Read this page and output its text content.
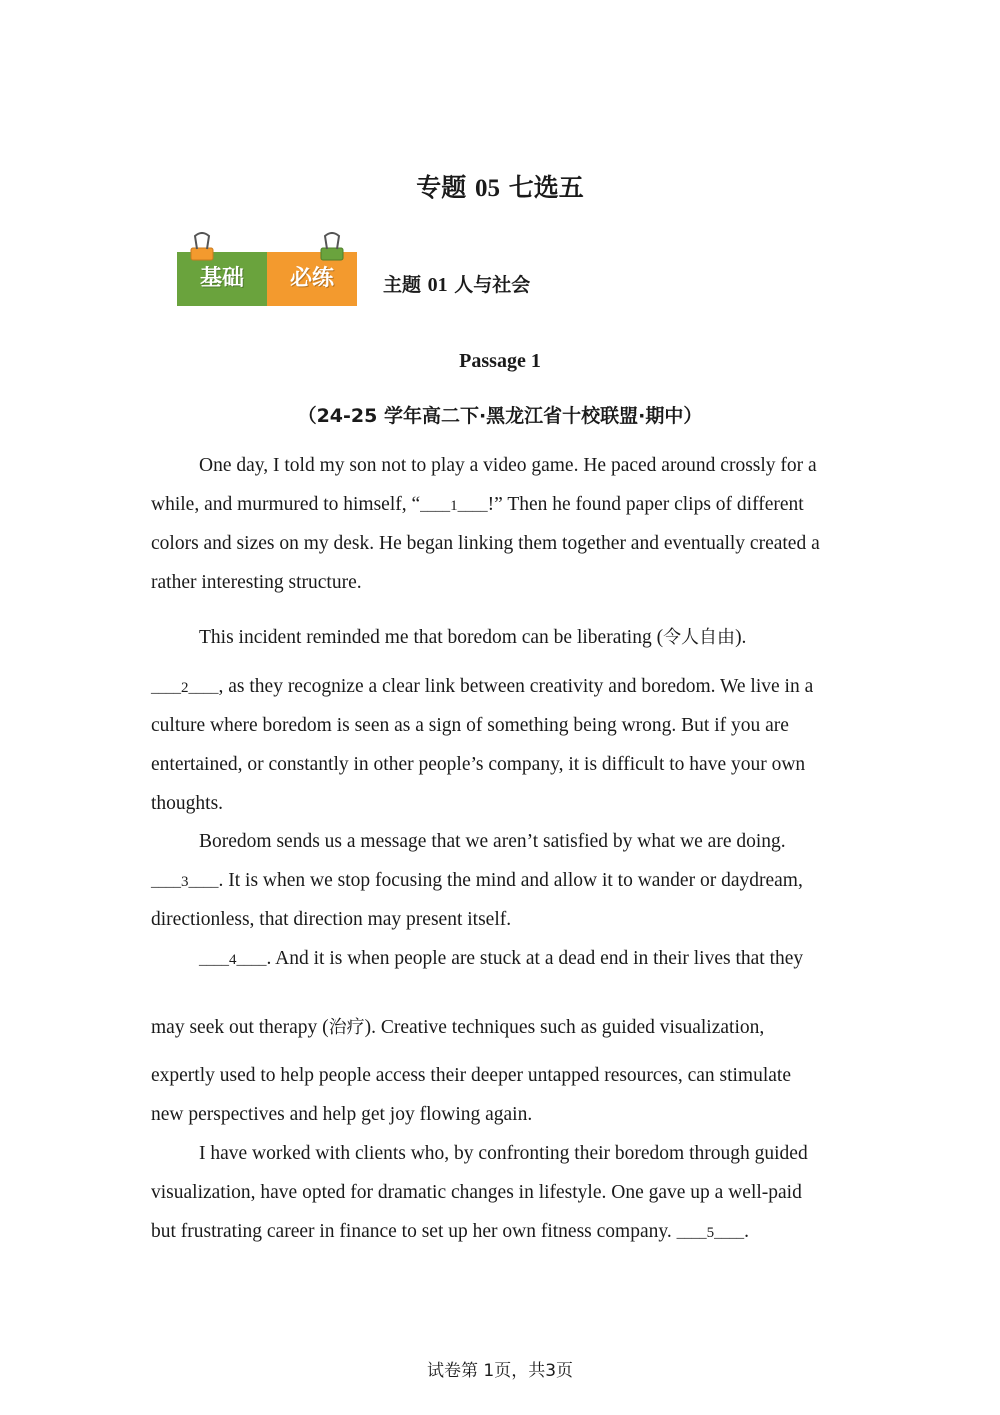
专题 05 七选五
基础	必练	主题 01 人与社会
Passage 1
（24-25 学年高二下·黑龙江省十校联盟·期中）
One day, I told my son not to play a video game. He paced around crossly for a
while, and murmured to himself, “____1____!” Then he found paper clips of different
colors and sizes on my desk. He began linking them together and eventually created a
rather interesting structure.
This incident reminded me that boredom can be liberating (令人自由).
____2____, as they recognize a clear link between creativity and boredom. We live in a
culture where boredom is seen as a sign of something being wrong. But if you are
entertained, or constantly in other people’s company, it is difficult to have your own
thoughts.
Boredom sends us a message that we aren’t satisfied by what we are doing.
____3____. It is when we stop focusing the mind and allow it to wander or daydream,
directionless, that direction may present itself.
____4____. And it is when people are stuck at a dead end in their lives that they
may seek out therapy (治疗). Creative techniques such as guided visualization,
expertly used to help people access their deeper untapped resources, can stimulate
new perspectives and help get joy flowing again.
I have worked with clients who, by confronting their boredom through guided
visualization, have opted for dramatic changes in lifestyle. One gave up a well-paid
but frustrating career in finance to set up her own fitness company. ____5____.
试卷第 1页，共3页
